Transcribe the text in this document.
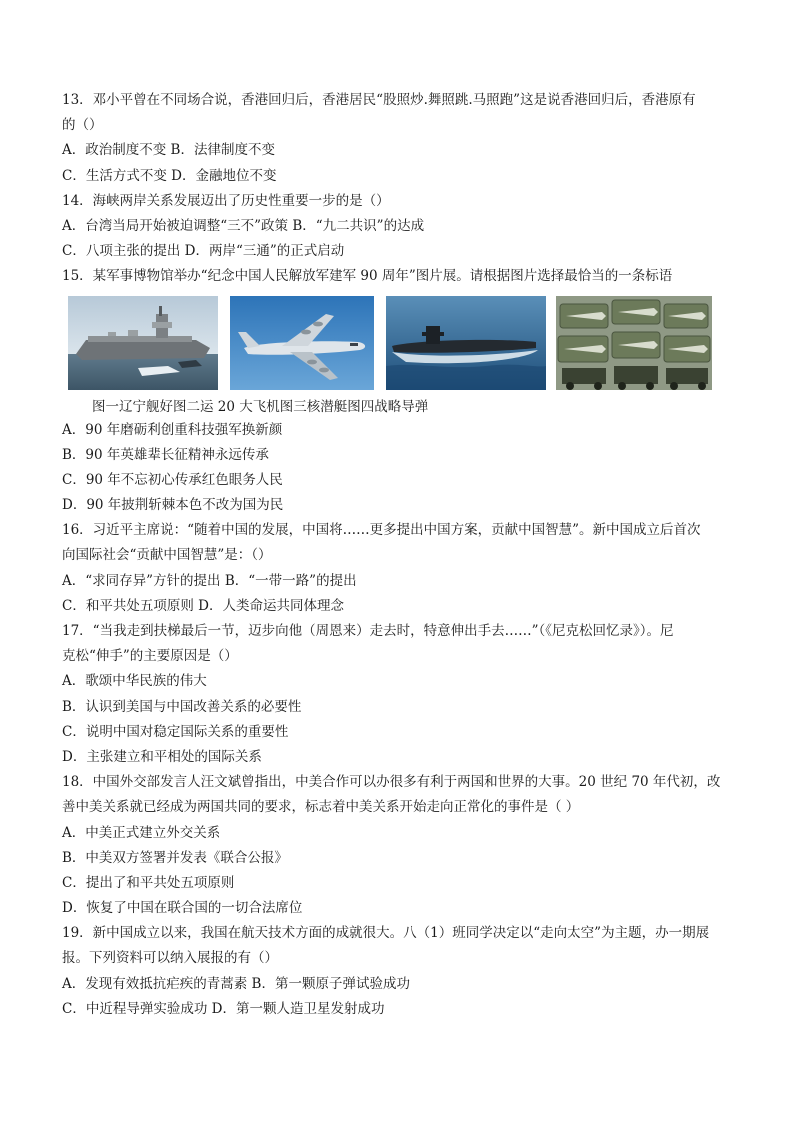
13．邓小平曾在不同场合说，香港回归后，香港居民“股照炒.舞照跳.马照跑”这是说香港回归后，香港原有
的（）
A．政治制度不变 B．法律制度不变
C．生活方式不变 D．金融地位不变
14．海峡两岸关系发展迈出了历史性重要一步的是（）
A．台湾当局开始被迫调整“三不”政策 B．“九二共识”的达成
C．八项主张的提出 D．两岸“三通”的正式启动
15．某军事博物馆举办“纪念中国人民解放军建军 90 周年”图片展。请根据图片选择最恰当的一条标语
图一辽宁舰好图二运 20 大飞机图三核潜艇图四战略导弹
A．90 年磨砺利创重科技强军换新颜
B．90 年英雄辈长征精神永远传承
C．90 年不忘初心传承红色眼务人民
D．90 年披荆斩棘本色不改为国为民
16．习近平主席说：“随着中国的发展，中国将……更多提出中国方案，贡献中国智慧”。新中国成立后首次
向国际社会“贡献中国智慧”是：（）
A．“求同存异”方针的提出 B．“一带一路”的提出
C．和平共处五项原则 D．人类命运共同体理念
17．“当我走到扶梯最后一节，迈步向他（周恩来）走去时，特意伸出手去……”（《尼克松回忆录》）。尼
克松“伸手”的主要原因是（）
A．歌颂中华民族的伟大
B．认识到美国与中国改善关系的必要性
C．说明中国对稳定国际关系的重要性
D．主张建立和平相处的国际关系
18．中国外交部发言人汪文斌曾指出，中美合作可以办很多有利于两国和世界的大事。20 世纪 70 年代初，改
善中美关系就已经成为两国共同的要求，标志着中美关系开始走向正常化的事件是（ ）
A．中美正式建立外交关系
B．中美双方签署并发表《联合公报》
C．提出了和平共处五项原则
D．恢复了中国在联合国的一切合法席位
19．新中国成立以来，我国在航天技术方面的成就很大。八（1）班同学决定以“走向太空”为主题，办一期展
报。下列资料可以纳入展报的有（）
A．发现有效抵抗疟疾的青蒿素 B．第一颗原子弹试验成功
C．中近程导弹实验成功 D．第一颗人造卫星发射成功
